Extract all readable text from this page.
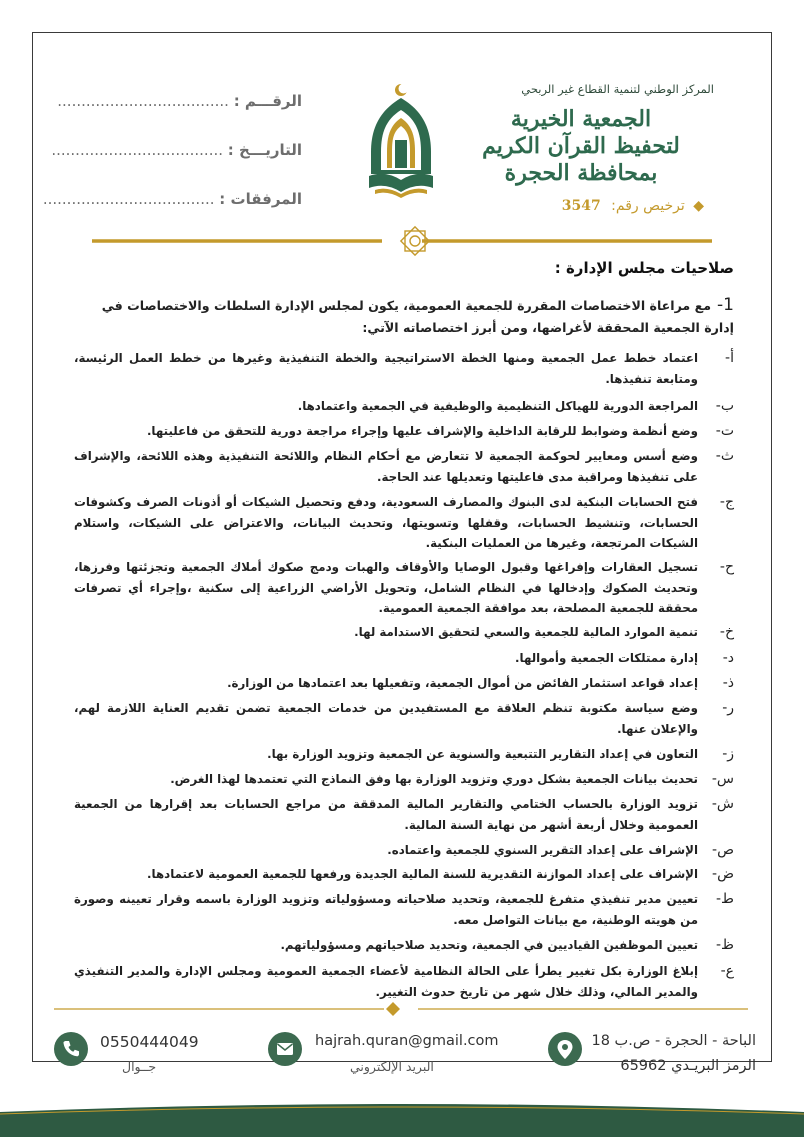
المركز الوطني لتنمية القطاع غير الربحي
الجمعية الخيرية
لتحفيظ القرآن الكريم
بمحافظة الحجرة
◆ ترخيص رقم: 3547
الرقـــم : ....................................
التاريـــخ : ....................................
المرفقات : ....................................
صلاحيات مجلس الإدارة :
1-مع مراعاة الاختصاصات المقررة للجمعية العمومية، يكون لمجلس الإدارة السلطات والاختصاصات في إدارة الجمعية المحققة لأغراضها، ومن أبرز اختصاصاته الآتي:
أ-
اعتماد خطط عمل الجمعية ومنها الخطة الاستراتيجية والخطة التنفيذية وغيرها من خطط العمل الرئيسة، ومتابعة تنفيذها.
ب-
المراجعة الدورية للهياكل التنظيمية والوظيفية في الجمعية واعتمادها.
ت-
وضع أنظمة وضوابط للرقابة الداخلية والإشراف عليها وإجراء مراجعة دورية للتحقق من فاعليتها.
ث-
وضع أسس ومعايير لحوكمة الجمعية لا تتعارض مع أحكام النظام واللائحة التنفيذية وهذه اللائحة، والإشراف على تنفيذها ومراقبة مدى فاعليتها وتعديلها عند الحاجة.
ج-
فتح الحسابات البنكية لدى البنوك والمصارف السعودية، ودفع وتحصيل الشيكات أو أذونات الصرف وكشوفات الحسابات، وتنشيط الحسابات، وقفلها وتسويتها، وتحديث البيانات، والاعتراض على الشيكات، واستلام الشيكات المرتجعة، وغيرها من العمليات البنكية.
ح-
تسجيل العقارات وإفراغها وقبول الوصايا والأوقاف والهبات ودمج صكوك أملاك الجمعية وتجزئتها وفرزها، وتحديث الصكوك وإدخالها في النظام الشامل، وتحويل الأراضي الزراعية إلى سكنية ،وإجراء أي تصرفات محققة للجمعية المصلحة، بعد موافقة الجمعية العمومية.
خ-
تنمية الموارد المالية للجمعية والسعي لتحقيق الاستدامة لها.
د-
إدارة ممتلكات الجمعية وأموالها.
ذ-
إعداد قواعد استثمار الفائض من أموال الجمعية، وتفعيلها بعد اعتمادها من الوزارة.
ر-
وضع سياسة مكتوبة تنظم العلاقة مع المستفيدين من خدمات الجمعية تضمن تقديم العناية اللازمة لهم، والإعلان عنها.
ز-
التعاون في إعداد التقارير التتبعية والسنوية عن الجمعية وتزويد الوزارة بها.
س-
تحديث بيانات الجمعية بشكل دوري وتزويد الوزارة بها وفق النماذج التي تعتمدها لهذا الغرض.
ش-
تزويد الوزارة بالحساب الختامي والتقارير المالية المدققة من مراجع الحسابات بعد إقرارها من الجمعية العمومية وخلال أربعة أشهر من نهاية السنة المالية.
ص-
الإشراف على إعداد التقرير السنوي للجمعية واعتماده.
ض-
الإشراف على إعداد الموازنة التقديرية للسنة المالية الجديدة ورفعها للجمعية العمومية لاعتمادها.
ط-
تعيين مدير تنفيذي متفرغ للجمعية، وتحديد صلاحياته ومسؤولياته وتزويد الوزارة باسمه وقرار تعيينه وصورة من هويته الوطنية، مع بيانات التواصل معه.
ظ-
تعيين الموظفين القياديين في الجمعية، وتحديد صلاحياتهم ومسؤولياتهم.
ع-
إبلاغ الوزارة بكل تغيير يطرأ على الحالة النظامية لأعضاء الجمعية العمومية ومجلس الإدارة والمدير التنفيذي والمدير المالي، وذلك خلال شهر من تاريخ حدوث التغيير.
الباحة - الحجرة - ص.ب 18
الرمز البريـدي 65962
hajrah.quran@gmail.com
البريد الإلكتروني
0550444049
جــوال
